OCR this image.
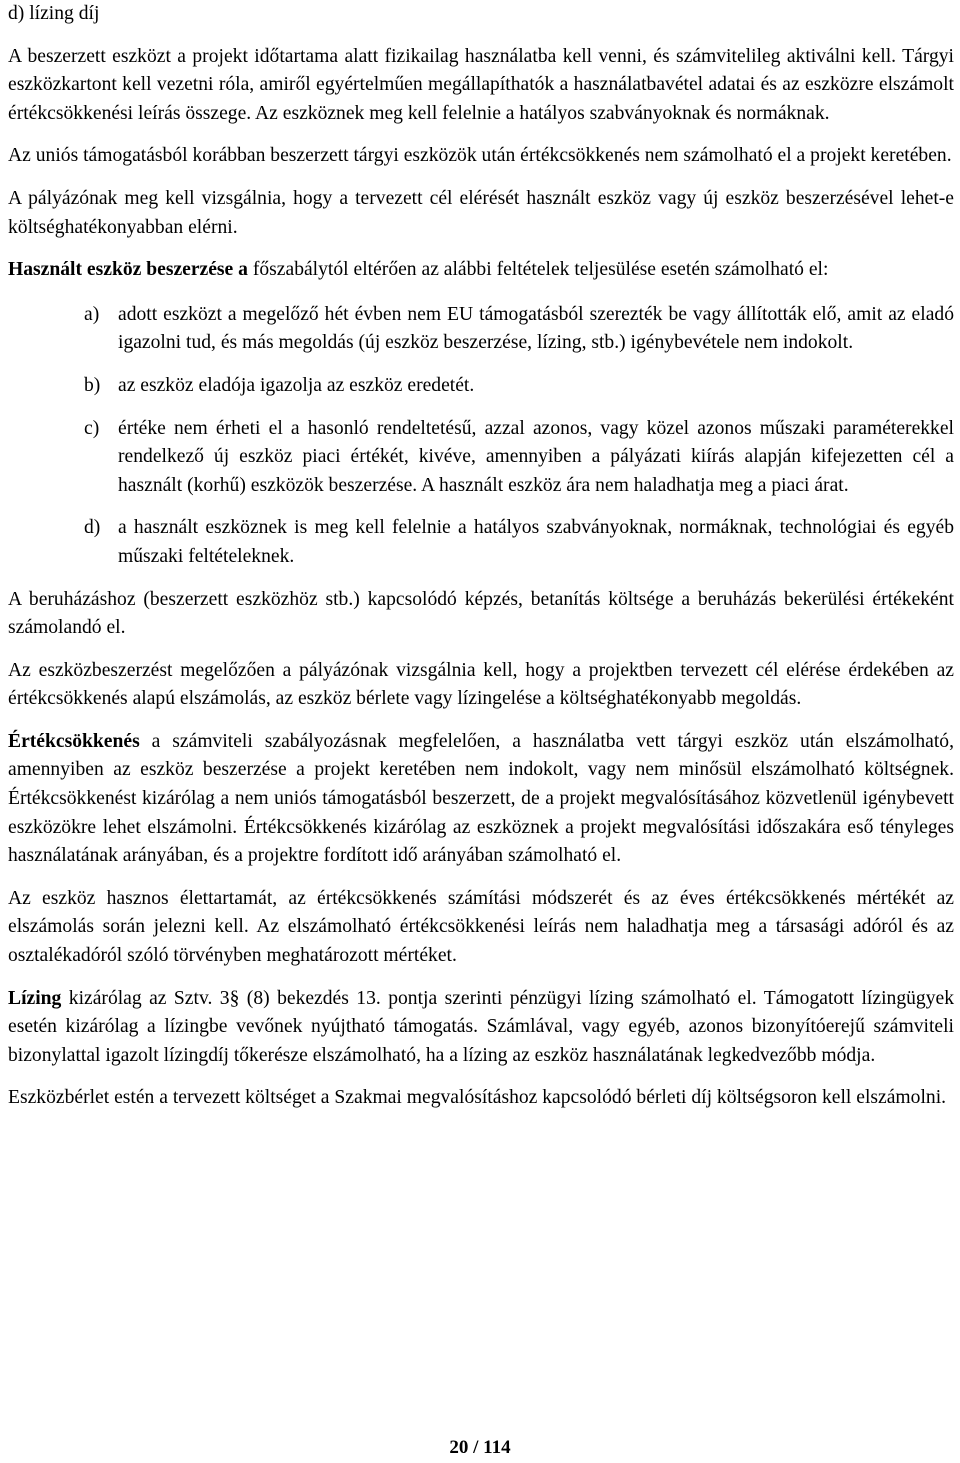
d) lízing díj

A beszerzett eszközt a projekt időtartama alatt fizikailag használatba kell venni, és számvitelileg aktiválni kell. Tárgyi eszközkartont kell vezetni róla, amiről egyértelműen megállapíthatók a használatbavétel adatai és az eszközre elszámolt értékcsökkenési leírás összege. Az eszköznek meg kell felelnie a hatályos szabványoknak és normáknak.

Az uniós támogatásból korábban beszerzett tárgyi eszközök után értékcsökkenés nem számolható el a projekt keretében.

A pályázónak meg kell vizsgálnia, hogy a tervezett cél elérését használt eszköz vagy új eszköz beszerzésével lehet-e költséghatékonyabban elérni.

Használt eszköz beszerzése a főszabálytól eltérően az alábbi feltételek teljesülése esetén számolható el:

a) adott eszközt a megelőző hét évben nem EU támogatásból szerezték be vagy állították elő, amit az eladó igazolni tud, és más megoldás (új eszköz beszerzése, lízing, stb.) igénybevétele nem indokolt.
b) az eszköz eladója igazolja az eszköz eredetét.
c) értéke nem érheti el a hasonló rendeltetésű, azzal azonos, vagy közel azonos műszaki paraméterekkel rendelkező új eszköz piaci értékét, kivéve, amennyiben a pályázati kiírás alapján kifejezetten cél a használt (korhű) eszközök beszerzése. A használt eszköz ára nem haladhatja meg a piaci árat.
d) a használt eszköznek is meg kell felelnie a hatályos szabványoknak, normáknak, technológiai és egyéb műszaki feltételeknek.

A beruházáshoz (beszerzett eszközhöz stb.) kapcsolódó képzés, betanítás költsége a beruházás bekerülési értékeként számolandó el.

Az eszközbeszerzést megelőzően a pályázónak vizsgálnia kell, hogy a projektben tervezett cél elérése érdekében az értékcsökkenés alapú elszámolás, az eszköz bérlete vagy lízingelése a költséghatékonyabb megoldás.

Értékcsökkenés a számviteli szabályozásnak megfelelően, a használatba vett tárgyi eszköz után elszámolható, amennyiben az eszköz beszerzése a projekt keretében nem indokolt, vagy nem minősül elszámolható költségnek. Értékcsökkenést kizárólag a nem uniós támogatásból beszerzett, de a projekt megvalósításához közvetlenül igénybevett eszközökre lehet elszámolni. Értékcsökkenés kizárólag az eszköznek a projekt megvalósítási időszakára eső tényleges használatának arányában, és a projektre fordított idő arányában számolható el.

Az eszköz hasznos élettartamát, az értékcsökkenés számítási módszerét és az éves értékcsökkenés mértékét az elszámolás során jelezni kell. Az elszámolható értékcsökkenési leírás nem haladhatja meg a társasági adóról és az osztalékadóról szóló törvényben meghatározott mértéket.

Lízing kizárólag az Sztv. 3§ (8) bekezdés 13. pontja szerinti pénzügyi lízing számolható el. Támogatott lízingügyek esetén kizárólag a lízingbe vevőnek nyújtható támogatás. Számlával, vagy egyéb, azonos bizonyítóerejű számviteli bizonylattal igazolt lízingdíj tőkerésze elszámolható, ha a lízing az eszköz használatának legkedvezőbb módja.

Eszközbérlet estén a tervezett költséget a Szakmai megvalósításhoz kapcsolódó bérleti díj költségsoron kell elszámolni.

20 / 114
